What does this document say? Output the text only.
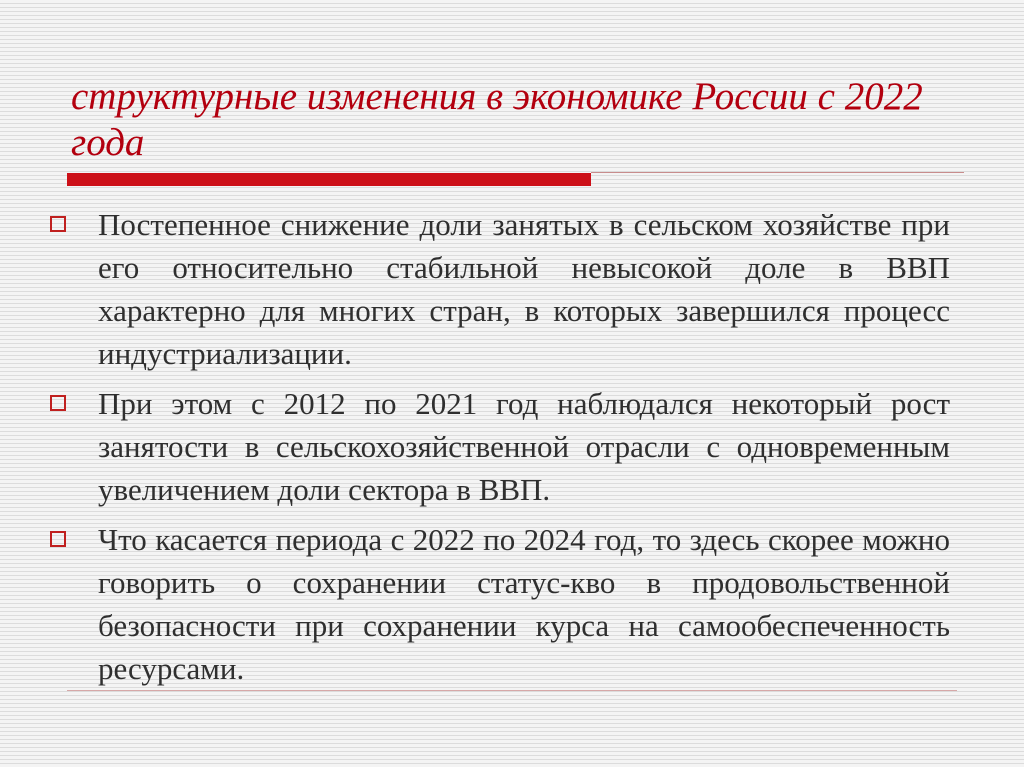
структурные изменения в экономике России с 2022 года
Постепенное снижение доли занятых в сельском хозяйстве при его относительно стабильной невысокой доле в ВВП характерно для многих стран, в которых завершился процесс индустриализации.
При этом с 2012 по 2021 год наблюдался некоторый рост занятости в сельскохозяйственной отрасли с одновременным увеличением доли сектора в ВВП.
Что касается периода с 2022 по 2024 год, то здесь скорее можно говорить о сохранении статус-кво в продовольственной безопасности при сохранении курса на самообеспеченность ресурсами.
